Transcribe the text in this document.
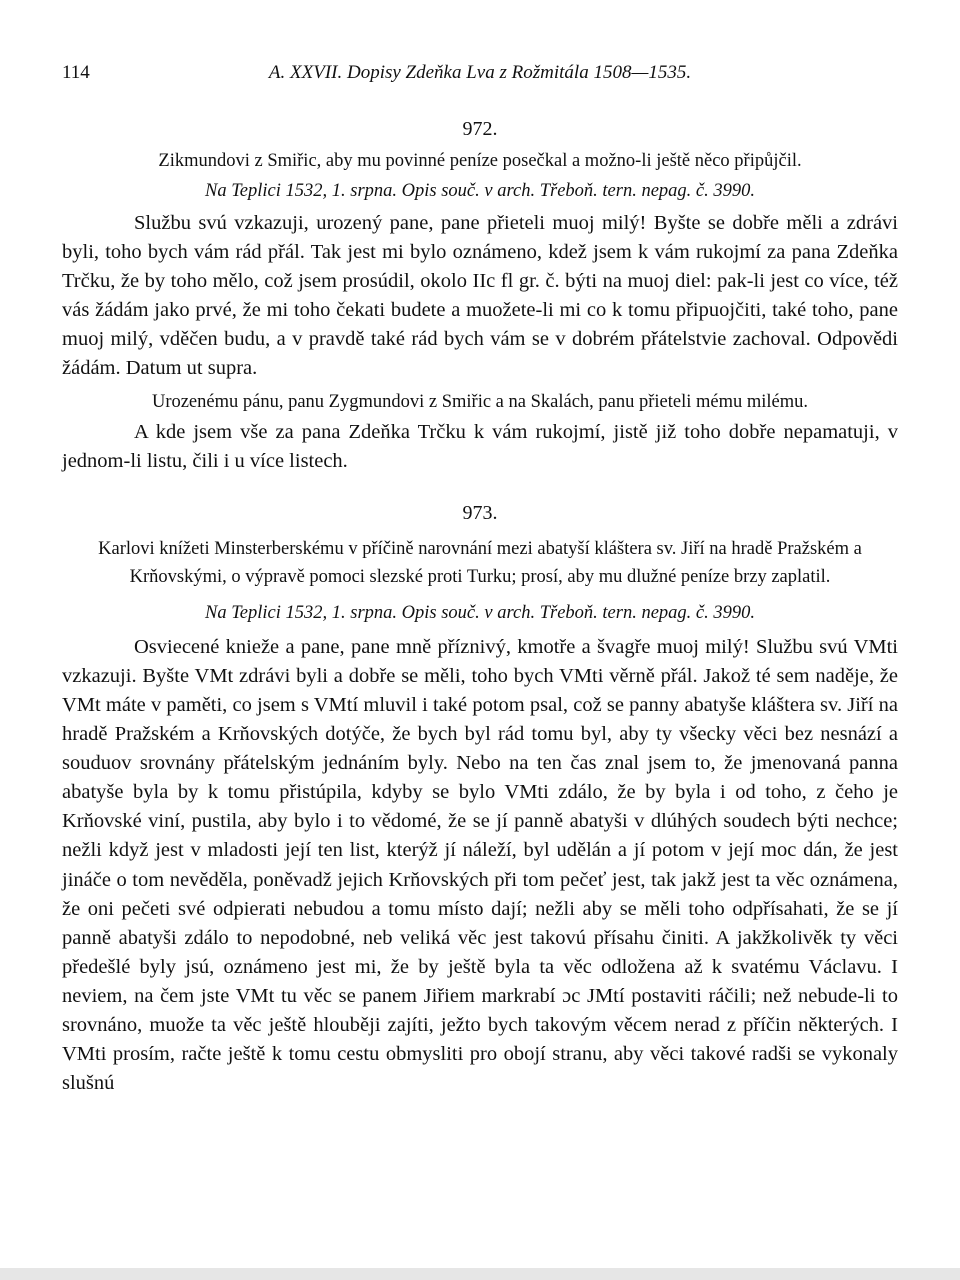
114	A. XXVII. Dopisy Zdeňka Lva z Rožmitála 1508—1535.
972.
Zikmundovi z Smiřic, aby mu povinné peníze posečkal a možno-li ještě něco připůjčil.
Na Teplici 1532, 1. srpna. Opis souč. v arch. Třeboň. tern. nepag. č. 3990.

Službu svú vzkazuji, urozený pane, pane přieteli muoj milý! Byšte se dobře měli a zdrávi byli, toho bych vám rád přál. Tak jest mi bylo oznámeno, kdež jsem k vám rukojmí za pana Zdeňka Trčku, že by toho mělo, což jsem prosúdil, okolo IIc fl gr. č. býti na muoj diel: pak-li jest co více, též vás žádám jako prvé, že mi toho čekati budete a muožete-li mi co k tomu připuojčiti, také toho, pane muoj milý, vděčen budu, a v pravdě také rád bych vám se v dobrém přátelstvie zachoval. Odpovědi žádám. Datum ut supra.

Urozenému pánu, panu Zygmundovi z Smiřic a na Skalách, panu přieteli mému milému.

A kde jsem vše za pana Zdeňka Trčku k vám rukojmí, jistě již toho dobře nepamatuji, v jednom-li listu, čili i u více listech.

973.
Karlovi knížeti Minsterberskému v příčině narovnání mezi abatyší kláštera sv. Jiří na hradě Pražském a Krňovskými, o výpravě pomoci slezské proti Turku; prosí, aby mu dlužné peníze brzy zaplatil.
Na Teplici 1532, 1. srpna. Opis souč. v arch. Třeboň. tern. nepag. č. 3990.

Osviecené knieže a pane, pane mně příznivý, kmotře a švagře muoj milý! Službu svú VMti vzkazuji. Byšte VMt zdrávi byli a dobře se měli, toho bych VMti věrně přál. Jakož té sem naděje, že VMt máte v paměti, co jsem s VMtí mluvil i také potom psal, což se panny abatyše kláštera sv. Jiří na hradě Pražském a Krňovských dotýče, že bych byl rád tomu byl, aby ty všecky věci bez nesnází a souduov srovnány přátelským jednáním byly. Nebo na ten čas znal jsem to, že jmenovaná panna abatyše byla by k tomu přistúpila, kdyby se bylo VMti zdálo, že by byla i od toho, z čeho je Krňovské viní, pustila, aby bylo i to vědomé, že se jí panně abatyši v dlúhých soudech býti nechce; nežli když jest v mladosti její ten list, kterýž jí náleží, byl udělán a jí potom v její moc dán, že jest jináče o tom nevěděla, poněvadž jejich Krňovských při tom pečeť jest, tak jakž jest ta věc oznámena, že oni pečeti své odpierati nebudou a tomu místo dají; nežli aby se měli toho odpřísahati, že se jí panně abatyši zdálo to nepodobné, neb veliká věc jest takovú přísahu činiti. A jakžkolivěk ty věci předešlé byly jsú, oznámeno jest mi, že by ještě byla ta věc odložena až k svatému Václavu. I neviem, na čem jste VMt tu věc se panem Jiřiem markrabí ɔc JMtí postaviti ráčili; než nebude-li to srovnáno, muože ta věc ještě hlouběji zajíti, ježto bych takovým věcem nerad z příčin některých. I VMti prosím, račte ještě k tomu cestu obmysliti pro obojí stranu, aby věci takové radši se vykonaly slušnú
